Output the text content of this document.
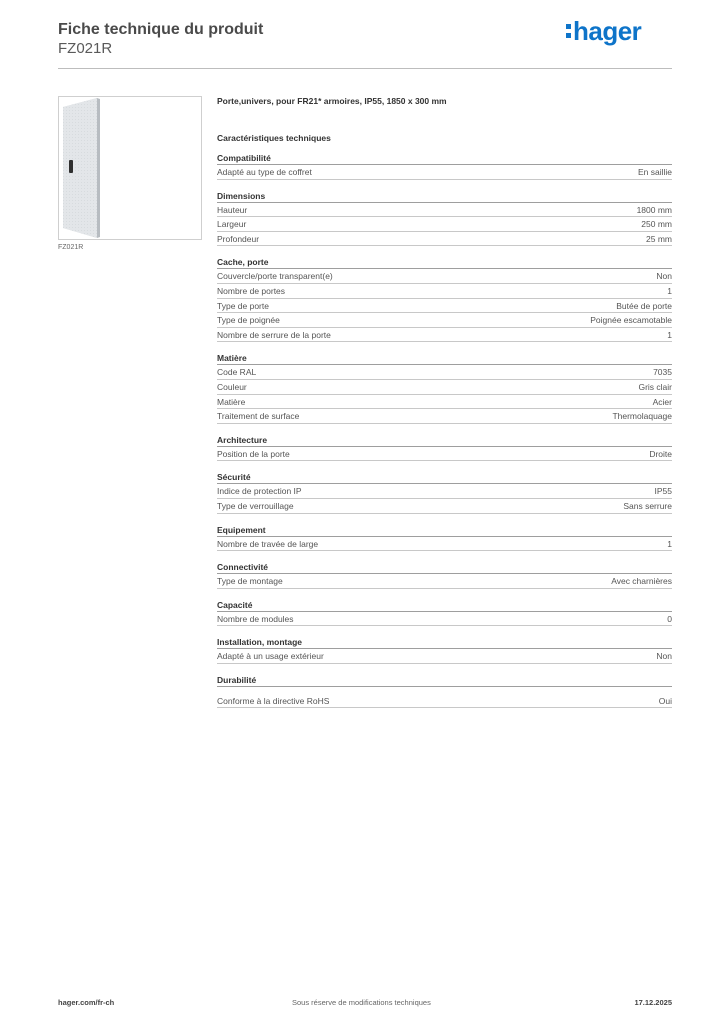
Fiche technique du produit
FZ021R
hager
FZ021R
Porte,univers, pour FR21* armoires, IP55, 1850 x 300 mm
Caractéristiques techniques
Compatibilité
Adapté au type de coffret	En saillie
Dimensions
Hauteur	1800 mm
Largeur	250 mm
Profondeur	25 mm
Cache, porte
Couvercle/porte transparent(e)	Non
Nombre de portes	1
Type de porte	Butée de porte
Type de poignée	Poignée escamotable
Nombre de serrure de la porte	1
Matière
Code RAL	7035
Couleur	Gris clair
Matière	Acier
Traitement de surface	Thermolaquage
Architecture
Position de la porte	Droite
Sécurité
Indice de protection IP	IP55
Type de verrouillage	Sans serrure
Equipement
Nombre de travée de large	1
Connectivité
Type de montage	Avec charnières
Capacité
Nombre de modules	0
Installation, montage
Adapté à un usage extérieur	Non
Durabilité
Conforme à la directive RoHS	Oui
hager.com/fr-ch	Sous réserve de modifications techniques	17.12.2025
